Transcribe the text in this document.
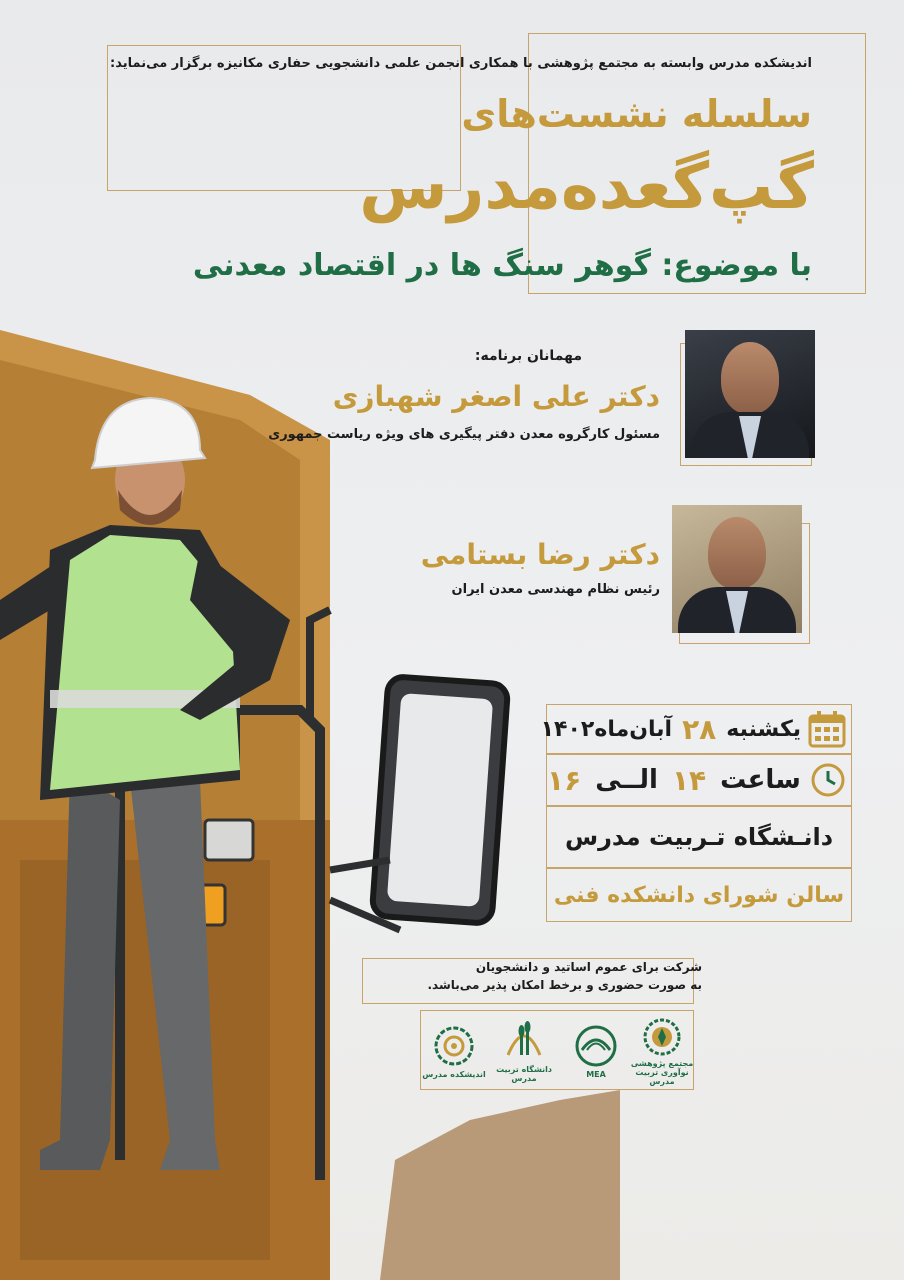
اندیشکده مدرس وابسته به مجتمع پژوهشی با همکاری انجمن علمی دانشجویی حفاری مکانیزه برگزار می‌نماید:
سلسله نشست‌های
گپ‌گعده‌مدرس
با موضوع: گوهر سنگ ها در اقتصاد معدنی
مهمانان برنامه:
دکتر علی اصغر شهبازی
مسئول کارگروه معدن دفتر پیگیری های ویژه ریاست جمهوری
دکتر رضا بستامی
رئیس نظام مهندسی معدن ایران
یکشنبه
۲۸
آبان‌ماه۱۴۰۲
ساعت
۱۴
الــی
۱۶
دانـشگاه تـربیت مدرس
سالن شورای دانشکده فنی
شرکت برای عموم اساتید و دانشجویان
به صورت حضوری و برخط امکان پذیر می‌باشد.
مجتمع پژوهشی نوآوری تربیت مدرس
MEA
دانشگاه تربیت مدرس
اندیشکده مدرس
